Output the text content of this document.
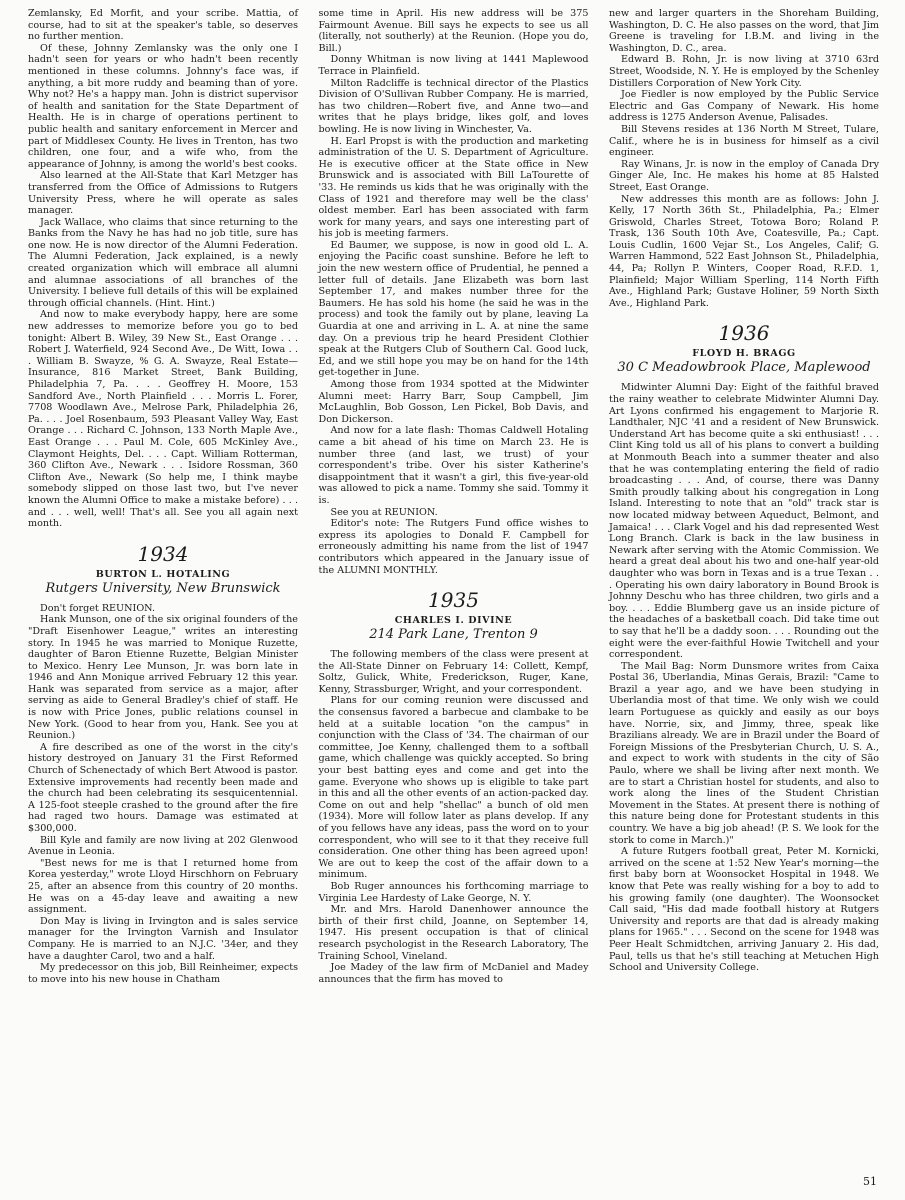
Zemlansky, Ed Morfit, and your scribe. Mattia, of course, had to sit at the speaker's table, so deserves no further mention.

Of these, Johnny Zemlansky was the only one I hadn't seen for years or who hadn't been recently mentioned in these columns. Johnny's face was, if anything, a bit more ruddy and beaming than of yore. Why not? He's a happy man. John is district supervisor of health and sanitation for the State Department of Health. He is in charge of operations pertinent to public health and sanitary enforcement in Mercer and part of Middlesex County. He lives in Trenton, has two children, one four, and a wife who, from the appearance of Johnny, is among the world's best cooks.

Also learned at the All-State that Karl Metzger has transferred from the Office of Admissions to Rutgers University Press, where he will operate as sales manager.

Jack Wallace, who claims that since returning to the Banks from the Navy he has had no job title, sure has one now. He is now director of the Alumni Federation. The Alumni Federation, Jack explained, is a newly created organization which will embrace all alumni and alumnae associations of all branches of the University. I believe full details of this will be explained through official channels. (Hint. Hint.)

And now to make everybody happy, here are some new addresses to memorize before you go to bed tonight: Albert B. Wiley, 39 New St., East Orange . . . Robert J. Waterfield, 924 Second Ave., De Witt, Iowa . . . William B. Swayze, % G. A. Swayze, Real Estate—Insurance, 816 Market Street, Bank Building, Philadelphia 7, Pa. . . . Geoffrey H. Moore, 153 Sandford Ave., North Plainfield . . . Morris L. Forer, 7708 Woodlawn Ave., Melrose Park, Philadelphia 26, Pa. . . . Joel Rosenbaum, 593 Pleasant Valley Way, East Orange . . . Richard C. Johnson, 133 North Maple Ave., East Orange . . . Paul M. Cole, 605 McKinley Ave., Claymont Heights, Del. . . . Capt. William Rotterman, 360 Clifton Ave., Newark . . . Isidore Rossman, 360 Clifton Ave., Newark (So help me, I think maybe somebody slipped on those last two, but I've never known the Alumni Office to make a mistake before) . . . and . . . well, well! That's all. See you all again next month.

1934
BURTON L. HOTALING
Rutgers University, New Brunswick

Don't forget REUNION.

Hank Munson, one of the six original founders of the "Draft Eisenhower League," writes an interesting story. In 1945 he was married to Monique Ruzette, daughter of Baron Etienne Ruzette, Belgian Minister to Mexico. Henry Lee Munson, Jr. was born late in 1946 and Ann Monique arrived February 12 this year. Hank was separated from service as a major, after serving as aide to General Bradley's chief of staff. He is now with Price Jones, public relations counsel in New York. (Good to hear from you, Hank. See you at Reunion.)

A fire described as one of the worst in the city's history destroyed on January 31 the First Reformed Church of Schenectady of which Bert Atwood is pastor. Extensive improvements had recently been made and the church had been celebrating its sesquicentennial. A 125-foot steeple crashed to the ground after the fire had raged two hours. Damage was estimated at $300,000.

Bill Kyle and family are now living at 202 Glenwood Avenue in Leonia.

"Best news for me is that I returned home from Korea yesterday," wrote Lloyd Hirschhorn on February 25, after an absence from this country of 20 months. He was on a 45-day leave and awaiting a new assignment.

Don May is living in Irvington and is sales service manager for the Irvington Varnish and Insulator Company. He is married to an N.J.C. '34er, and they have a daughter Carol, two and a half.

My predecessor on this job, Bill Reinheimer, expects to move into his new house in Chatham

some time in April. His new address will be 375 Fairmount Avenue. Bill says he expects to see us all (literally, not southerly) at the Reunion. (Hope you do, Bill.)

Donny Whitman is now living at 1441 Maplewood Terrace in Plainfield.

Milton Radcliffe is technical director of the Plastics Division of O'Sullivan Rubber Company. He is married, has two children—Robert five, and Anne two—and writes that he plays bridge, likes golf, and loves bowling. He is now living in Winchester, Va.

H. Earl Propst is with the production and marketing administration of the U. S. Department of Agriculture. He is executive officer at the State office in New Brunswick and is associated with Bill LaTourette of '33. He reminds us kids that he was originally with the Class of 1921 and therefore may well be the class' oldest member. Earl has been associated with farm work for many years, and says one interesting part of his job is meeting farmers.

Ed Baumer, we suppose, is now in good old L. A. enjoying the Pacific coast sunshine. Before he left to join the new western office of Prudential, he penned a letter full of details. Jane Elizabeth was born last September 17, and makes number three for the Baumers. He has sold his home (he said he was in the process) and took the family out by plane, leaving La Guardia at one and arriving in L. A. at nine the same day. On a previous trip he heard President Clothier speak at the Rutgers Club of Southern Cal. Good luck, Ed, and we still hope you may be on hand for the 14th get-together in June.

Among those from 1934 spotted at the Midwinter Alumni meet: Harry Barr, Soup Campbell, Jim McLaughlin, Bob Gosson, Len Pickel, Bob Davis, and Don Dickerson.

And now for a late flash: Thomas Caldwell Hotaling came a bit ahead of his time on March 23. He is number three (and last, we trust) of your correspondent's tribe. Over his sister Katherine's disappointment that it wasn't a girl, this five-year-old was allowed to pick a name. Tommy she said. Tommy it is.

See you at REUNION.

Editor's note: The Rutgers Fund office wishes to express its apologies to Donald F. Campbell for erroneously admitting his name from the list of 1947 contributors which appeared in the January issue of the ALUMNI MONTHLY.

1935
CHARLES I. DIVINE
214 Park Lane, Trenton 9

The following members of the class were present at the All-State Dinner on February 14: Collett, Kempf, Soltz, Gulick, White, Frederickson, Ruger, Kane, Kenny, Strassburger, Wright, and your correspondent.

Plans for our coming reunion were discussed and the consensus favored a barbecue and clambake to be held at a suitable location "on the campus" in conjunction with the Class of '34. The chairman of our committee, Joe Kenny, challenged them to a softball game, which challenge was quickly accepted. So bring your best batting eyes and come and get into the game. Everyone who shows up is eligible to take part in this and all the other events of an action-packed day. Come on out and help "shellac" a bunch of old men (1934). More will follow later as plans develop. If any of you fellows have any ideas, pass the word on to your correspondent, who will see to it that they receive full consideration. One other thing has been agreed upon! We are out to keep the cost of the affair down to a minimum.

Bob Ruger announces his forthcoming marriage to Virginia Lee Hardesty of Lake George, N. Y.

Mr. and Mrs. Harold Danenhower announce the birth of their first child, Joanne, on September 14, 1947. His present occupation is that of clinical research psychologist in the Research Laboratory, The Training School, Vineland.

Joe Madey of the law firm of McDaniel and Madey announces that the firm has moved to

new and larger quarters in the Shoreham Building, Washington, D. C. He also passes on the word, that Jim Greene is traveling for I.B.M. and living in the Washington, D. C., area.

Edward B. Rohn, Jr. is now living at 3710 63rd Street, Woodside, N. Y. He is employed by the Schenley Distillers Corporation of New York City.

Joe Fiedler is now employed by the Public Service Electric and Gas Company of Newark. His home address is 1275 Anderson Avenue, Palisades.

Bill Stevens resides at 136 North M Street, Tulare, Calif., where he is in business for himself as a civil engineer.

Ray Winans, Jr. is now in the employ of Canada Dry Ginger Ale, Inc. He makes his home at 85 Halsted Street, East Orange.

New addresses this month are as follows: John J. Kelly, 17 North 36th St., Philadelphia, Pa.; Elmer Griswold, Charles Street, Totowa Boro; Roland P. Trask, 136 South 10th Ave, Coatesville, Pa.; Capt. Louis Cudlin, 1600 Vejar St., Los Angeles, Calif; G. Warren Hammond, 522 East Johnson St., Philadelphia, 44, Pa; Rollyn P. Winters, Cooper Road, R.F.D. 1, Plainfield; Major William Sperling, 114 North Fifth Ave., Highland Park; Gustave Holiner, 59 North Sixth Ave., Highland Park.

1936
FLOYD H. BRAGG
30 C Meadowbrook Place, Maplewood

Midwinter Alumni Day: Eight of the faithful braved the rainy weather to celebrate Midwinter Alumni Day. Art Lyons confirmed his engagement to Marjorie R. Landthaler, NJC '41 and a resident of New Brunswick. Understand Art has become quite a ski enthusiast! . . . Clint King told us all of his plans to convert a building at Monmouth Beach into a summer theater and also that he was contemplating entering the field of radio broadcasting . . . And, of course, there was Danny Smith proudly talking about his congregation in Long Island. Interesting to note that an "old" track star is now located midway between Aqueduct, Belmont, and Jamaica! . . . Clark Vogel and his dad represented West Long Branch. Clark is back in the law business in Newark after serving with the Atomic Commission. We heard a great deal about his two and one-half year-old daughter who was born in Texas and is a true Texan . . . Operating his own dairy laboratory in Bound Brook is Johnny Deschu who has three children, two girls and a boy. . . . Eddie Blumberg gave us an inside picture of the headaches of a basketball coach. Did take time out to say that he'll be a daddy soon. . . . Rounding out the eight were the ever-faithful Howie Twitchell and your correspondent.

The Mail Bag: Norm Dunsmore writes from Caixa Postal 36, Uberlandia, Minas Gerais, Brazil: "Came to Brazil a year ago, and we have been studying in Uberlandia most of that time. We only wish we could learn Portuguese as quickly and easily as our boys have. Norrie, six, and Jimmy, three, speak like Brazilians already. We are in Brazil under the Board of Foreign Missions of the Presbyterian Church, U. S. A., and expect to work with students in the city of São Paulo, where we shall be living after next month. We are to start a Christian hostel for students, and also to work along the lines of the Student Christian Movement in the States. At present there is nothing of this nature being done for Protestant students in this country. We have a big job ahead! (P. S. We look for the stork to come in March.)"

A future Rutgers football great, Peter M. Kornicki, arrived on the scene at 1:52 New Year's morning—the first baby born at Woonsocket Hospital in 1948. We know that Pete was really wishing for a boy to add to his growing family (one daughter). The Woonsocket Call said, "His dad made football history at Rutgers University and reports are that dad is already making plans for 1965." . . . Second on the scene for 1948 was Peer Healt Schmidtchen, arriving January 2. His dad, Paul, tells us that he's still teaching at Metuchen High School and University College.

51
